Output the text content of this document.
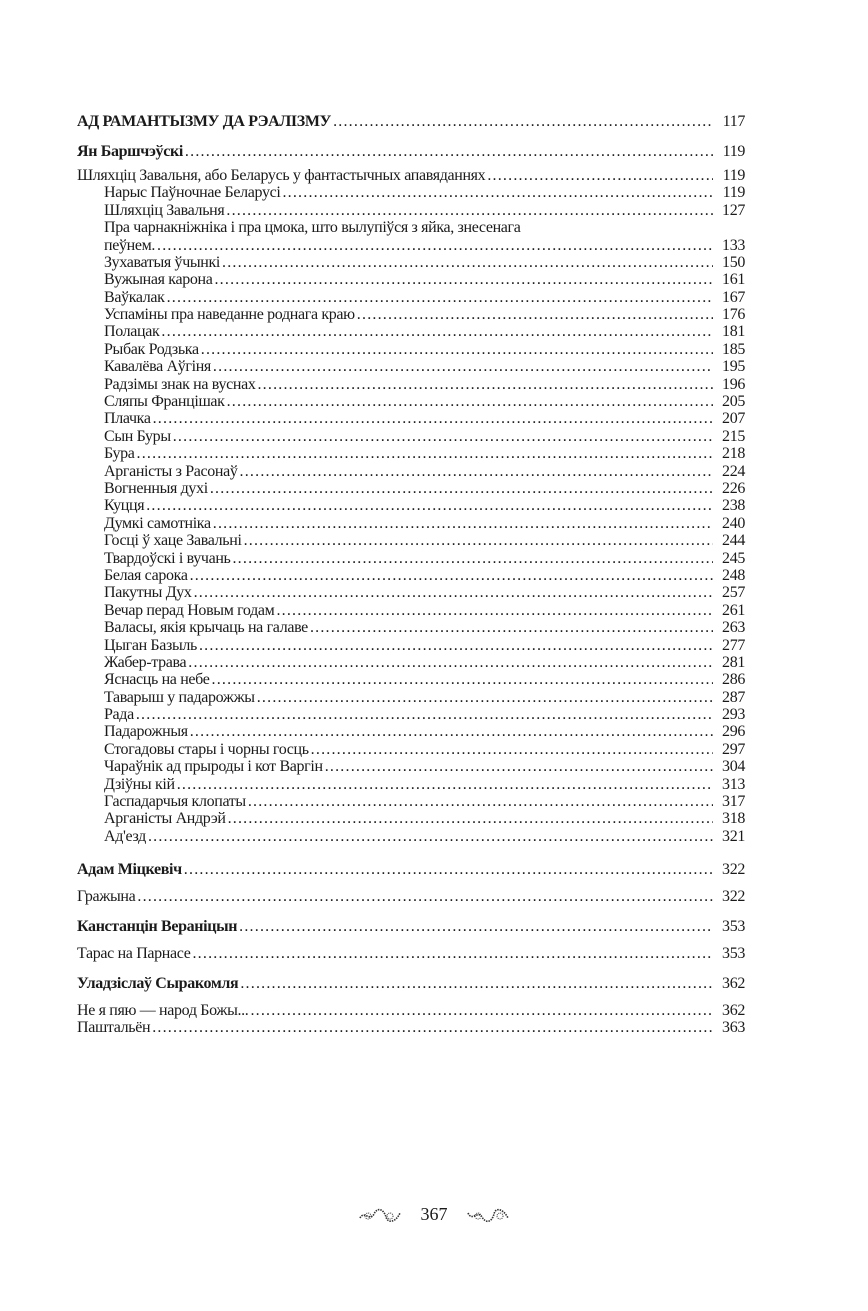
АД РАМАНТЫЗМУ ДА РЭАЛІЗМУ . . .	117
Ян Баршчэўскі . . .	119
Шляхціц Завальня, або Беларусь у фантастычных апавяданнях . . .	119
Нарыс Паўночнае Беларусі . . .	119
Шляхціц Завальня . . .	127
Пра чарнакніжніка і пра цмока, што вылупіўся з яйка, знесенага
пеўнем. . . .	133
Зухаватыя ўчынкі . . .	150
Вужыная карона . . .	161
Ваўкалак . . .	167
Успаміны пра наведанне роднага краю . . .	176
Полацак . . .	181
Рыбак Родзька . . .	185
Кавалёва Аўгіня . . .	195
Радзімы знак на вуснах . . .	196
Сляпы Францішак . . .	205
Плачка . . .	207
Сын Буры . . .	215
Бура . . .	218
Арганісты з Расонаў . . .	224
Вогненныя духі . . .	226
Куцця . . .	238
Думкі самотніка . . .	240
Госці ў хаце Завальні . . .	244
Твардоўскі і вучань . . .	245
Белая сарока . . .	248
Пакутны Дух . . .	257
Вечар перад Новым годам . . .	261
Валасы, якія крычаць на галаве . . .	263
Цыган Базыль . . .	277
Жабер-трава . . .	281
Яснасць на небе . . .	286
Таварыш у падарожжы . . .	287
Рада . . .	293
Падарожныя . . .	296
Стогадовы стары і чорны госць . . .	297
Чараўнік ад прыроды і кот Варгін . . .	304
Дзіўны кій . . .	313
Гаспадарчыя клопаты . . .	317
Арганісты Андрэй . . .	318
Ад'езд . . .	321
Адам Міцкевіч . . .	322
Гражына . . .	322
Канстанцін Вераніцын . . .	353
Тарас на Парнасе . . .	353
Уладзіслаў Сыракомля . . .	362
Не я пяю — народ Божы... . . .	362
Паштальён . . .	363
367
